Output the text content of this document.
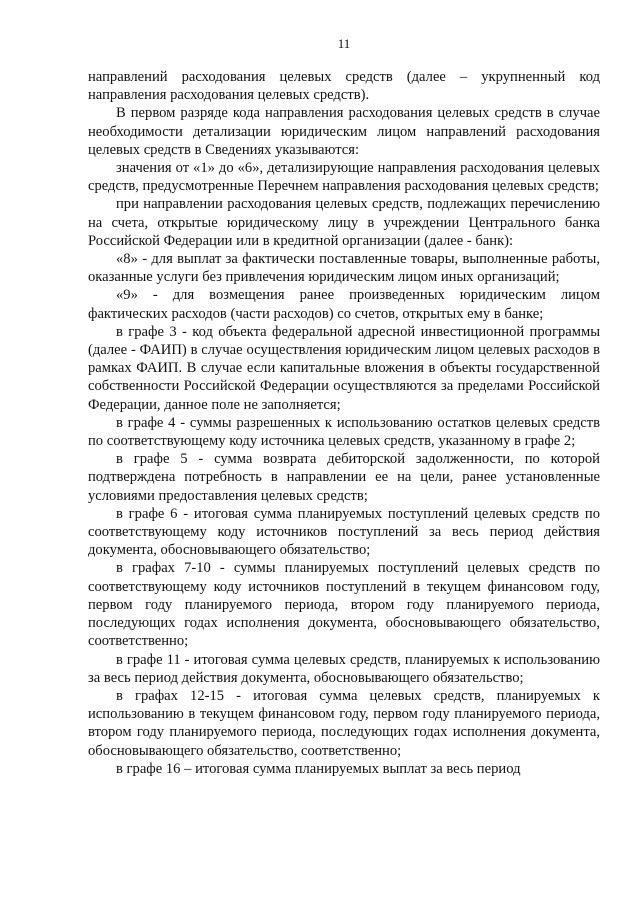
11

направлений расходования целевых средств (далее – укрупненный код направления расходования целевых средств).

В первом разряде кода направления расходования целевых средств в случае необходимости детализации юридическим лицом направлений расходования целевых средств в Сведениях указываются:

значения от «1» до «6», детализирующие направления расходования целевых средств, предусмотренные Перечнем направления расходования целевых средств;

при направлении расходования целевых средств, подлежащих перечислению на счета, открытые юридическому лицу в учреждении Центрального банка Российской Федерации или в кредитной организации (далее - банк):

«8» - для выплат за фактически поставленные товары, выполненные работы, оказанные услуги без привлечения юридическим лицом иных организаций;

«9» - для возмещения ранее произведенных юридическим лицом фактических расходов (части расходов) со счетов, открытых ему в банке;

в графе 3 - код объекта федеральной адресной инвестиционной программы (далее - ФАИП) в случае осуществления юридическим лицом целевых расходов в рамках ФАИП. В случае если капитальные вложения в объекты государственной собственности Российской Федерации осуществляются за пределами Российской Федерации, данное поле не заполняется;

в графе 4 - суммы разрешенных к использованию остатков целевых средств по соответствующему коду источника целевых средств, указанному в графе 2;

в графе 5 - сумма возврата дебиторской задолженности, по которой подтверждена потребность в направлении ее на цели, ранее установленные условиями предоставления целевых средств;

в графе 6 - итоговая сумма планируемых поступлений целевых средств по соответствующему коду источников поступлений за весь период действия документа, обосновывающего обязательство;

в графах 7-10 - суммы планируемых поступлений целевых средств по соответствующему коду источников поступлений в текущем финансовом году, первом году планируемого периода, втором году планируемого периода, последующих годах исполнения документа, обосновывающего обязательство, соответственно;

в графе 11 - итоговая сумма целевых средств, планируемых к использованию за весь период действия документа, обосновывающего обязательство;

в графах 12-15 - итоговая сумма целевых средств, планируемых к использованию в текущем финансовом году, первом году планируемого периода, втором году планируемого периода, последующих годах исполнения документа, обосновывающего обязательство, соответственно;

в графе 16 – итоговая сумма планируемых выплат за весь период
